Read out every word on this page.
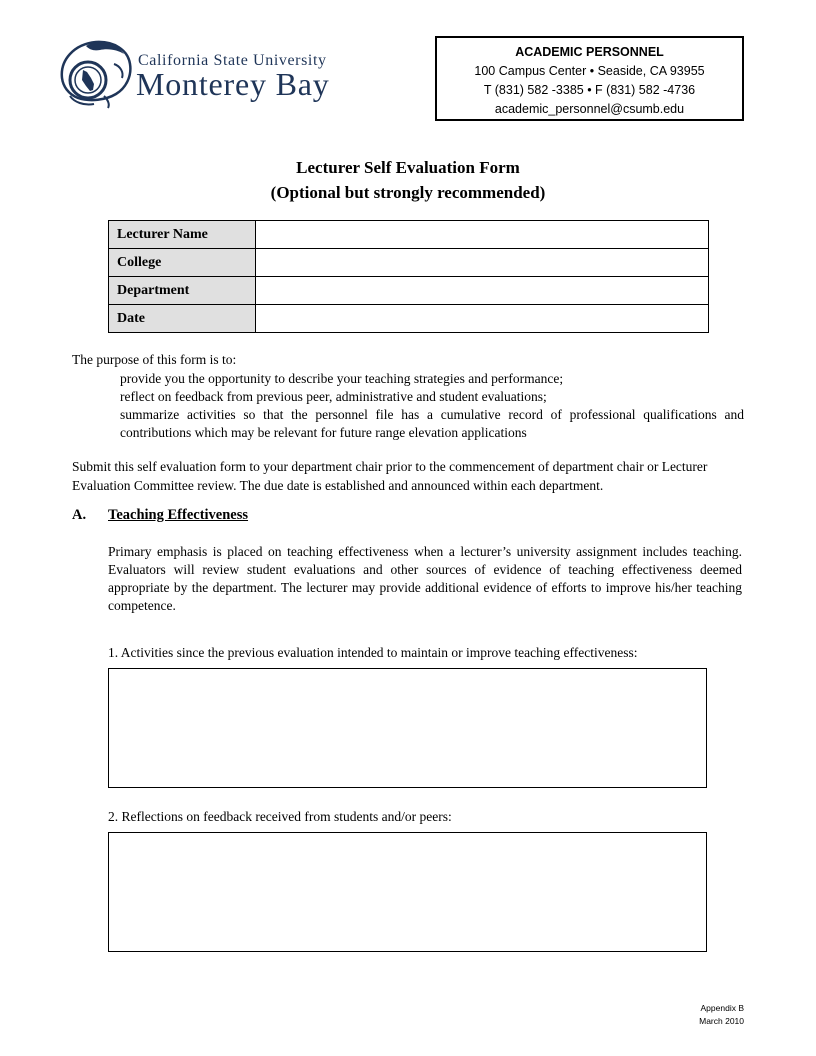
California State University
Monterey Bay
ACADEMIC PERSONNEL
100 Campus Center • Seaside, CA 93955
T (831) 582 -3385 • F (831) 582 -4736
academic_personnel@csumb.edu
Lecturer Self Evaluation Form
(Optional but strongly recommended)
Lecturer Name	
College	
Department	
Date	
The purpose of this form is to:
provide you the opportunity to describe your teaching strategies and performance;
reflect on feedback from previous peer, administrative and student evaluations;
summarize activities so that the personnel file has a cumulative record of professional qualifications and contributions which may be relevant for future range elevation applications
Submit this self evaluation form to your department chair prior to the commencement of department chair or Lecturer Evaluation Committee review. The due date is established and announced within each department.
A. Teaching Effectiveness
Primary emphasis is placed on teaching effectiveness when a lecturer’s university assignment includes teaching. Evaluators will review student evaluations and other sources of evidence of teaching effectiveness deemed appropriate by the department. The lecturer may provide additional evidence of efforts to improve his/her teaching competence.
1. Activities since the previous evaluation intended to maintain or improve teaching effectiveness:
2. Reflections on feedback received from students and/or peers:
Appendix B
March 2010
